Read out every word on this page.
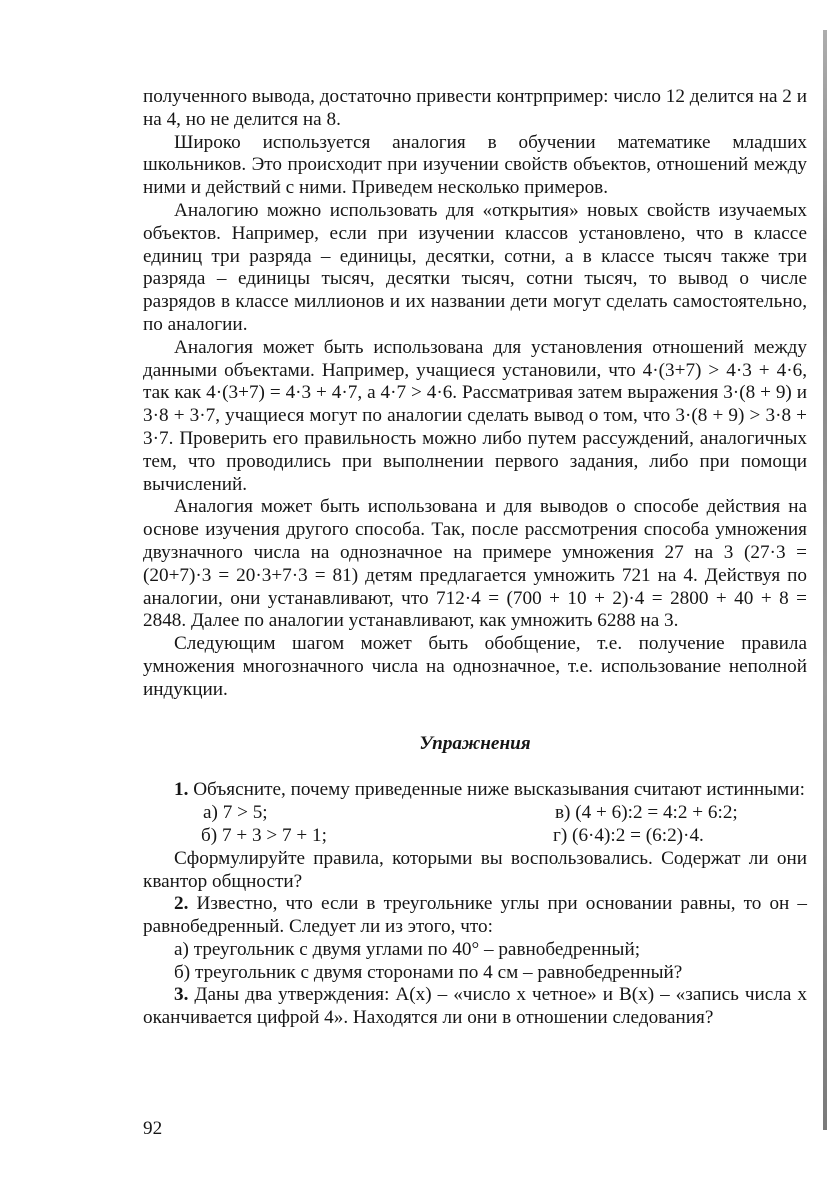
полученного вывода, достаточно привести контрпример: число 12 делится на 2 и на 4, но не делится на 8.

Широко используется аналогия в обучении математике младших школьников. Это происходит при изучении свойств объектов, отношений между ними и действий с ними. Приведем несколько примеров.

Аналогию можно использовать для «открытия» новых свойств изучаемых объектов. Например, если при изучении классов установлено, что в классе единиц три разряда – единицы, десятки, сотни, а в классе тысяч также три разряда – единицы тысяч, десятки тысяч, сотни тысяч, то вывод о числе разрядов в классе миллионов и их названии дети могут сделать самостоятельно, по аналогии.

Аналогия может быть использована для установления отношений между данными объектами. Например, учащиеся установили, что 4·(3+7) > 4·3 + 4·6, так как 4·(3+7) = 4·3 + 4·7, а 4·7 > 4·6. Рассматривая затем выражения 3·(8 + 9) и 3·8 + 3·7, учащиеся могут по аналогии сделать вывод о том, что 3·(8 + 9) > 3·8 + 3·7. Проверить его правильность можно либо путем рассуждений, аналогичных тем, что проводились при выполнении первого задания, либо при помощи вычислений.

Аналогия может быть использована и для выводов о способе действия на основе изучения другого способа. Так, после рассмотрения способа умножения двузначного числа на однозначное на примере умножения 27 на 3 (27·3 = (20+7)·3 = 20·3+7·3 = 81) детям предлагается умножить 721 на 4. Действуя по аналогии, они устанавливают, что 712·4 = (700 + 10 + 2)·4 = 2800 + 40 + 8 = 2848. Далее по аналогии устанавливают, как умножить 6288 на 3.

Следующим шагом может быть обобщение, т.е. получение правила умножения многозначного числа на однозначное, т.е. использование неполной индукции.

Упражнения

1. Объясните, почему приведенные ниже высказывания считают истинными:

а) 7 > 5;	в) (4 + 6):2 = 4:2 + 6:2;
б) 7 + 3 > 7 + 1;	г) (6·4):2 = (6:2)·4.

Сформулируйте правила, которыми вы воспользовались. Содержат ли они квантор общности?

2. Известно, что если в треугольнике углы при основании равны, то он – равнобедренный. Следует ли из этого, что:

а) треугольник с двумя углами по 40° – равнобедренный;

б) треугольник с двумя сторонами по 4 см – равнобедренный?

3. Даны два утверждения: A(x) – «число x четное» и B(x) – «запись числа x оканчивается цифрой 4». Находятся ли они в отношении следования?

92
